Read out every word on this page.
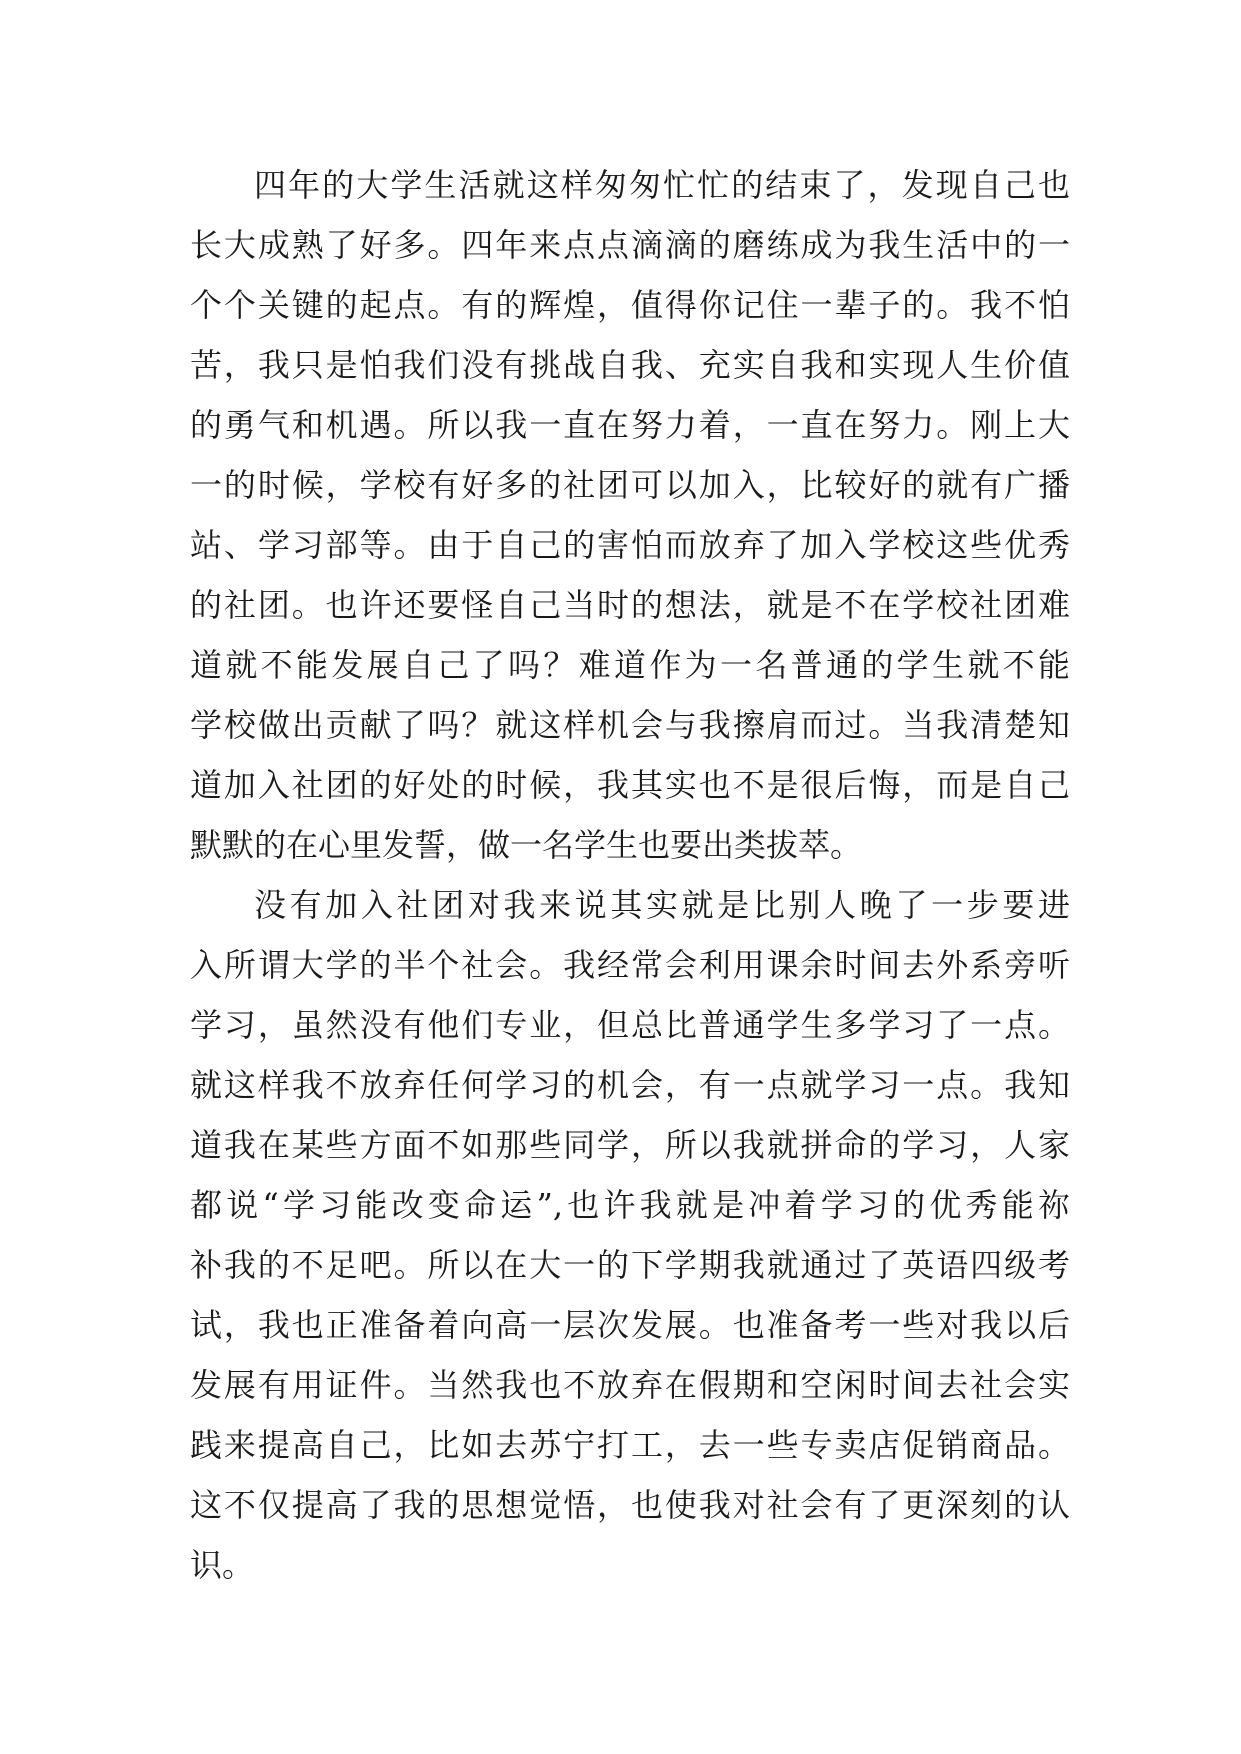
四年的大学生活就这样匆匆忙忙的结束了，发现自己也
长大成熟了好多。四年来点点滴滴的磨练成为我生活中的一
个个关键的起点。有的辉煌，值得你记住一辈子的。我不怕
苦，我只是怕我们没有挑战自我、充实自我和实现人生价值
的勇气和机遇。所以我一直在努力着，一直在努力。刚上大
一的时候，学校有好多的社团可以加入，比较好的就有广播
站、学习部等。由于自己的害怕而放弃了加入学校这些优秀
的社团。也许还要怪自己当时的想法，就是不在学校社团难
道就不能发展自己了吗？难道作为一名普通的学生就不能
学校做出贡献了吗？就这样机会与我擦肩而过。当我清楚知
道加入社团的好处的时候，我其实也不是很后悔，而是自己
默默的在心里发誓，做一名学生也要出类拔萃。
没有加入社团对我来说其实就是比别人晚了一步要进
入所谓大学的半个社会。我经常会利用课余时间去外系旁听
学习，虽然没有他们专业，但总比普通学生多学习了一点。
就这样我不放弃任何学习的机会，有一点就学习一点。我知
道我在某些方面不如那些同学，所以我就拼命的学习，人家
都说“学习能改变命运”,也许我就是冲着学习的优秀能祢
补我的不足吧。所以在大一的下学期我就通过了英语四级考
试，我也正准备着向高一层次发展。也准备考一些对我以后
发展有用证件。当然我也不放弃在假期和空闲时间去社会实
践来提高自己，比如去苏宁打工，去一些专卖店促销商品。
这不仅提高了我的思想觉悟，也使我对社会有了更深刻的认
识。
